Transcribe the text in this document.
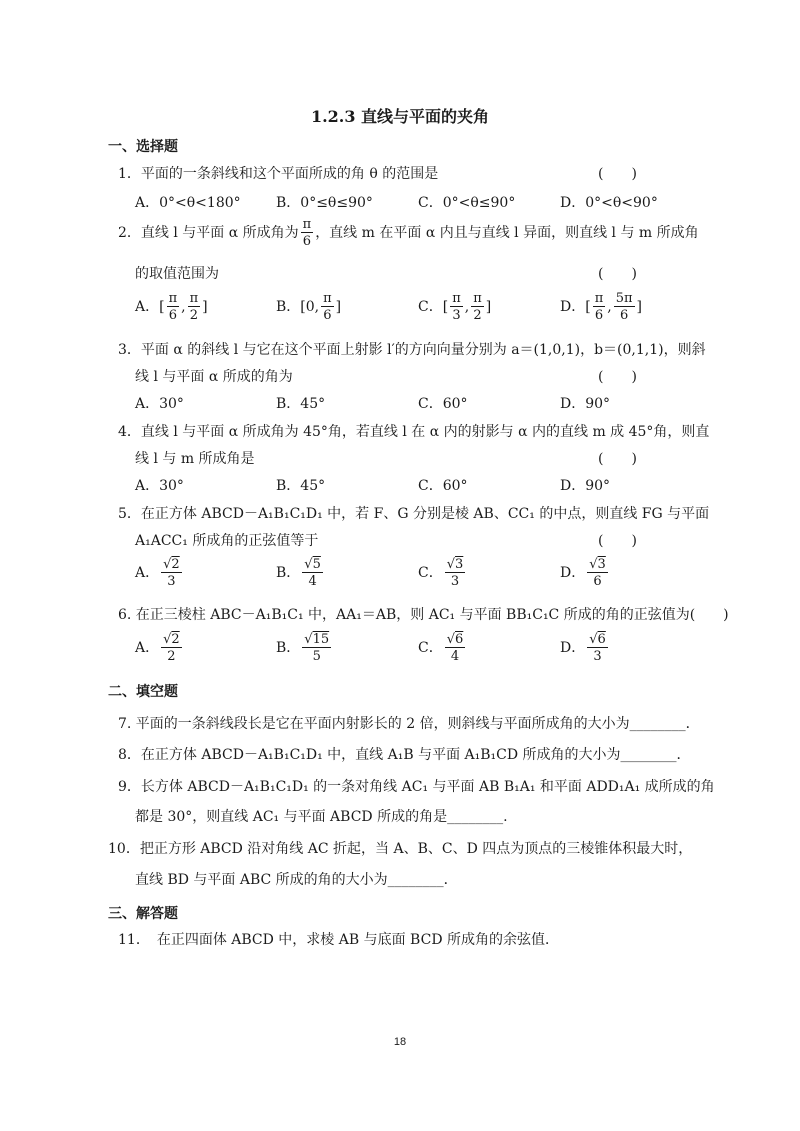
1.2.3 直线与平面的夹角
一、选择题
1．平面的一条斜线和这个平面所成的角 θ 的范围是	(　　)
A．0°<θ<180°	B．0°≤θ≤90°	C．0°<θ≤90°	D．0°<θ<90°
2．直线 l 与平面 α 所成角为 $\frac{\pi}{6}$ ，直线 m 在平面 α 内且与直线 l 异面，则直线 l 与 m 所成角
的取值范围为	(　　)
A．[ $\frac{\pi}{6}$ , $\frac{\pi}{2}$ ]	B．[0, $\frac{\pi}{6}$ ]	C．[ $\frac{\pi}{3}$ , $\frac{\pi}{2}$ ]	D．[ $\frac{\pi}{6}$ , $\frac{5\pi}{6}$ ]
3．平面 α 的斜线 l 与它在这个平面上射影 l′的方向向量分别为 a＝(1,0,1)，b＝(0,1,1)，则斜
线 l 与平面 α 所成的角为	(　　)
A．30°	B．45°	C．60°	D．90°
4．直线 l 与平面 α 所成角为 45°角，若直线 l 在 α 内的射影与 α 内的直线 m 成 45°角，则直
线 l 与 m 所成角是	(　　)
A．30°	B．45°	C．60°	D．90°
5．在正方体 ABCD－A₁B₁C₁D₁ 中，若 F、G 分别是棱 AB、CC₁ 的中点，则直线 FG 与平面
A₁ACC₁ 所成角的正弦值等于	(　　)
A． $\frac{√2}{3}$	B． $\frac{√5}{4}$	C． $\frac{√3}{3}$	D． $\frac{√3}{6}$
6. 在正三棱柱 ABC－A₁B₁C₁ 中，AA₁＝AB，则 AC₁ 与平面 BB₁C₁C 所成的角的正弦值为(　　)
A． $\frac{√2}{2}$	B． $\frac{√15}{5}$	C． $\frac{√6}{4}$	D． $\frac{√6}{3}$
二、填空题
7. 平面的一条斜线段长是它在平面内射影长的 2 倍，则斜线与平面所成角的大小为________．
8．在正方体 ABCD－A₁B₁C₁D₁ 中，直线 A₁B 与平面 A₁B₁CD 所成角的大小为________．
9．长方体 ABCD－A₁B₁C₁D₁ 的一条对角线 AC₁ 与平面 AB B₁A₁ 和平面 ADD₁A₁ 成所成的角
都是 30°，则直线 AC₁ 与平面 ABCD 所成的角是________.
10．把正方形 ABCD 沿对角线 AC 折起，当 A、B、C、D 四点为顶点的三棱锥体积最大时，
直线 BD 与平面 ABC 所成的角的大小为________．
三、解答题
11．　在正四面体 ABCD 中，求棱 AB 与底面 BCD 所成角的余弦值．
18
